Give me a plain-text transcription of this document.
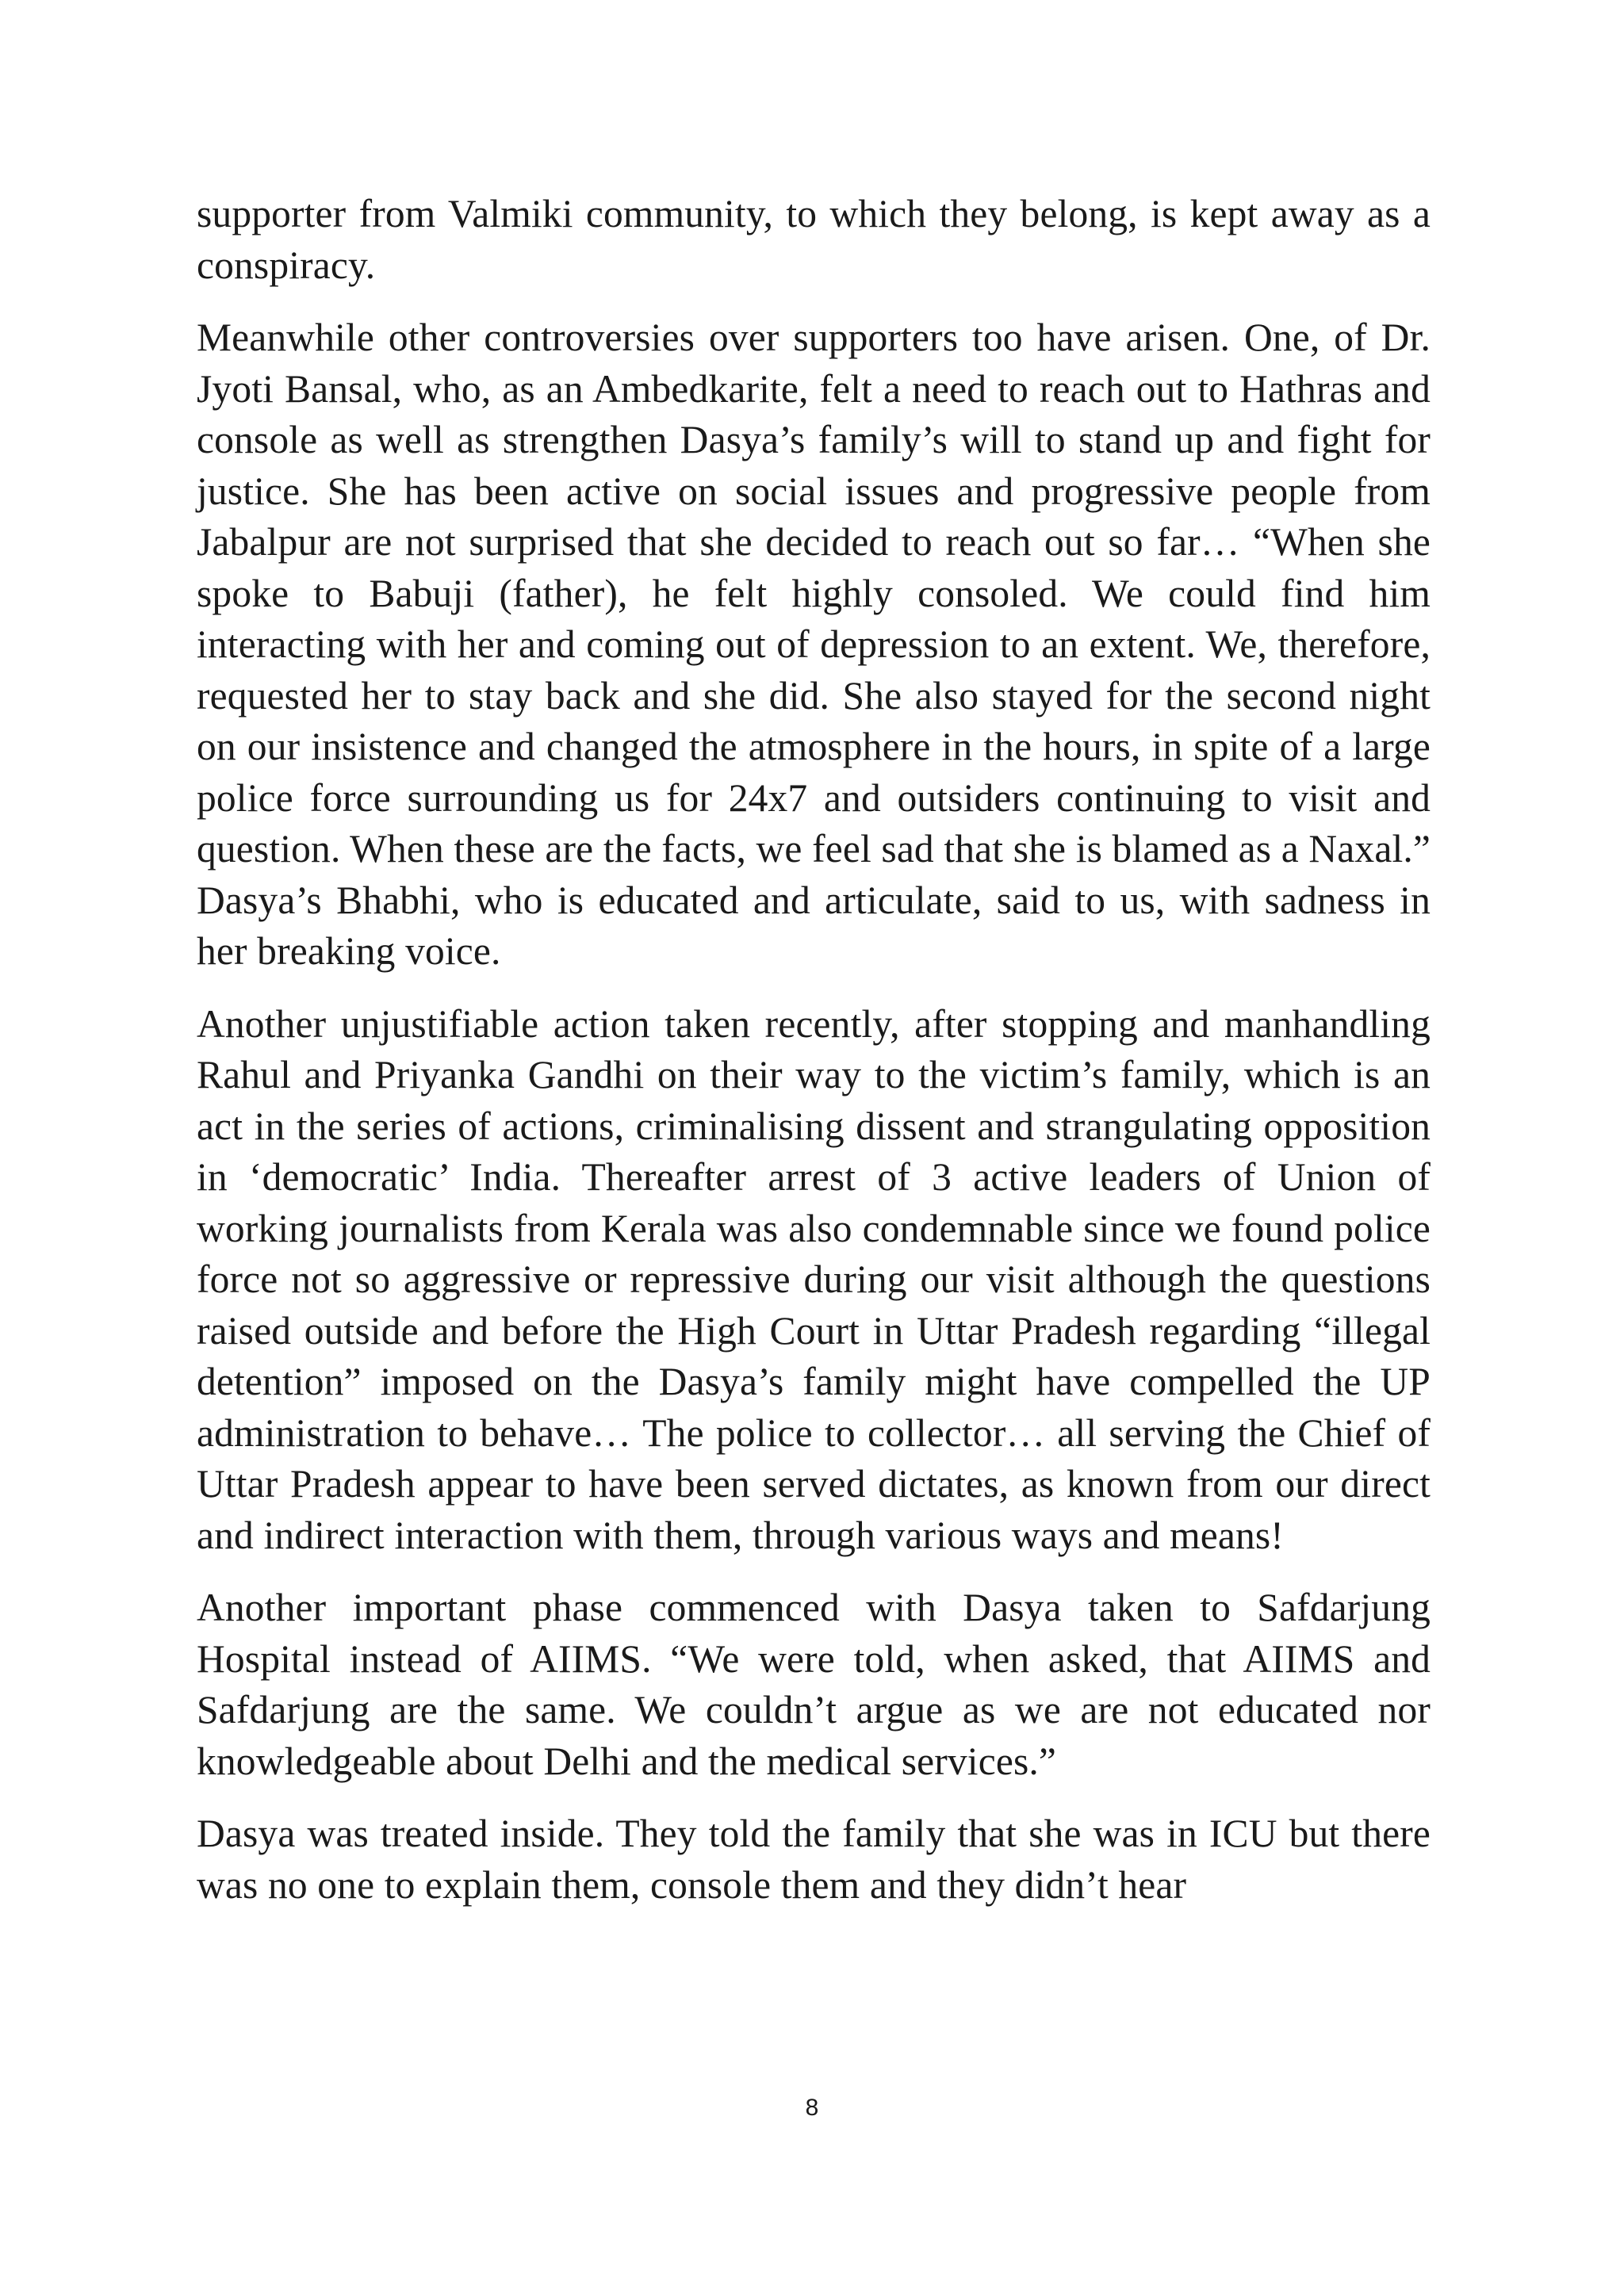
supporter from Valmiki community, to which they belong, is kept away as a conspiracy.

Meanwhile other controversies over supporters too have arisen. One, of Dr. Jyoti Bansal, who, as an Ambedkarite, felt a need to reach out to Hathras and console as well as strengthen Dasya’s family’s will to stand up and fight for justice. She has been active on social issues and progressive people from Jabalpur are not surprised that she decided to reach out so far… “When she spoke to Babuji (father), he felt highly consoled. We could find him interacting with her and coming out of depression to an extent. We, therefore, requested her to stay back and she did. She also stayed for the second night on our insistence and changed the atmosphere in the hours, in spite of a large police force surrounding us for 24x7 and outsiders continuing to visit and question. When these are the facts, we feel sad that she is blamed as a Naxal.” Dasya’s Bhabhi, who is educated and articulate, said to us, with sadness in her breaking voice.

Another unjustifiable action taken recently, after stopping and manhandling Rahul and Priyanka Gandhi on their way to the victim’s family, which is an act in the series of actions, criminalising dissent and strangulating opposition in ‘democratic’ India. Thereafter arrest of 3 active leaders of Union of working journalists from Kerala was also condemnable since we found police force not so aggressive or repressive during our visit although the questions raised outside and before the High Court in Uttar Pradesh regarding “illegal detention” imposed on the Dasya’s family might have compelled the UP administration to behave… The police to collector… all serving the Chief of Uttar Pradesh appear to have been served dictates, as known from our direct and indirect interaction with them, through various ways and means!

Another important phase commenced with Dasya taken to Safdarjung Hospital instead of AIIMS. “We were told, when asked, that AIIMS and Safdarjung are the same. We couldn’t argue as we are not educated nor knowledgeable about Delhi and the medical services.”

Dasya was treated inside. They told the family that she was in ICU but there was no one to explain them, console them and they didn’t hear

8
